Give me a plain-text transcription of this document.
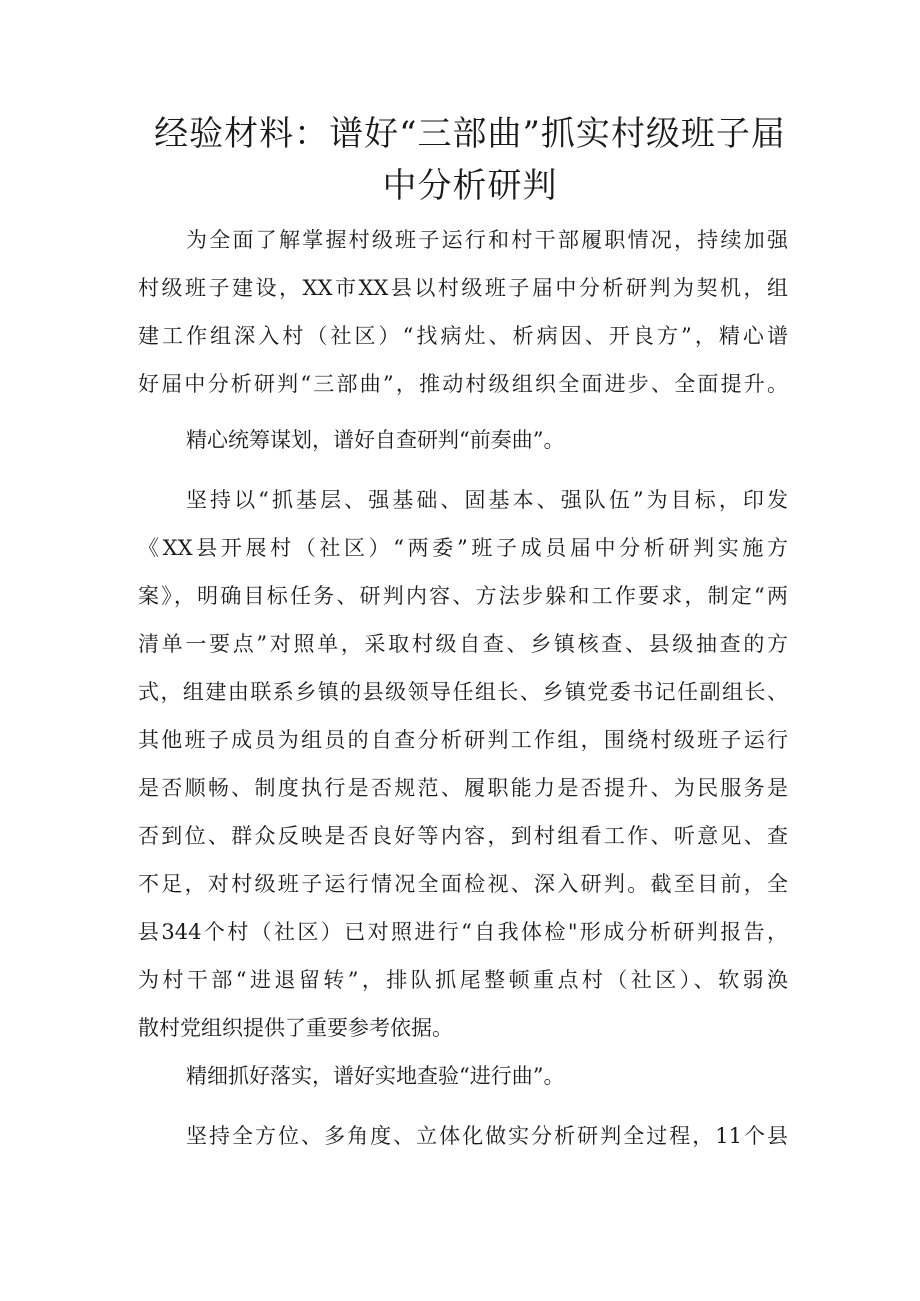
经验材料：谱好“三部曲”抓实村级班子届
中分析研判

为全面了解掌握村级班子运行和村干部履职情况，持续加强

村级班子建设，XX市XX县以村级班子届中分析研判为契机，组

建工作组深入村（社区）“找病灶、析病因、开良方”，精心谱

好届中分析研判“三部曲”，推动村级组织全面进步、全面提升。

精心统筹谋划，谱好自查研判“前奏曲”。

坚持以“抓基层、强基础、固基本、强队伍”为目标，印发

《XX县开展村（社区）“两委”班子成员届中分析研判实施方

案》，明确目标任务、研判内容、方法步躲和工作要求，制定“两

清单一要点”对照单，采取村级自查、乡镇核查、县级抽查的方

式，组建由联系乡镇的县级领导任组长、乡镇党委书记任副组长、

其他班子成员为组员的自查分析研判工作组，围绕村级班子运行

是否顺畅、制度执行是否规范、履职能力是否提升、为民服务是

否到位、群众反映是否良好等内容，到村组看工作、听意见、查

不足，对村级班子运行情况全面检视、深入研判。截至目前，全

县344个村（社区）已对照进行“自我体检"形成分析研判报告，

为村干部“进退留转”，排队抓尾整顿重点村（社区）、软弱涣

散村党组织提供了重要参考依据。

精细抓好落实，谱好实地查验“进行曲”。

坚持全方位、多角度、立体化做实分析研判全过程，11个县
